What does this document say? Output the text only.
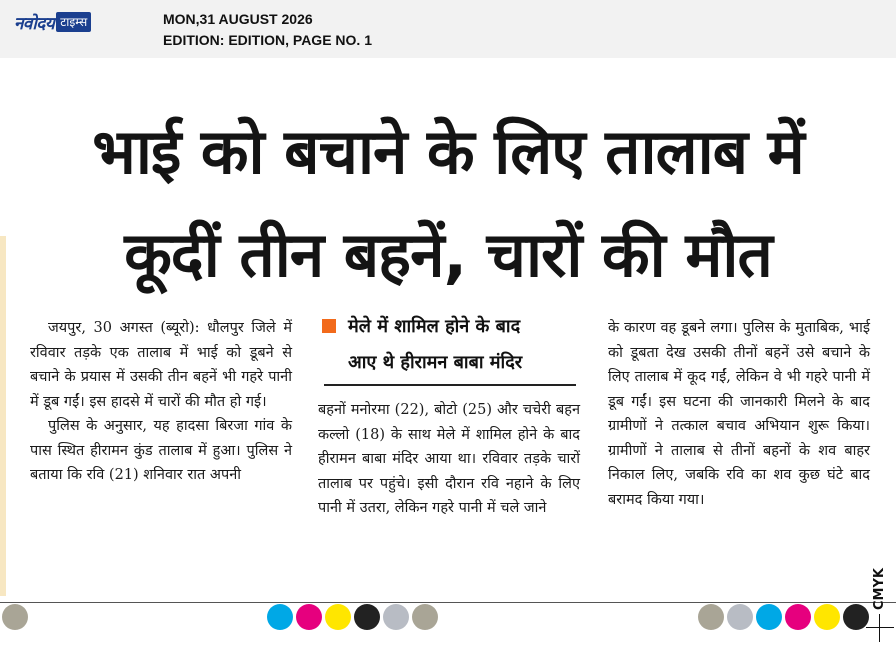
नवोदय टाइम्स	MON,31 AUGUST 2026
EDITION: EDITION, PAGE NO. 1
भाई को बचाने के लिए तालाब में
कूदीं तीन बहनें, चारों की मौत

जयपुर, 30 अगस्त (ब्यूरो): धौलपुर जिले में रविवार तड़के एक तालाब में भाई को डूबने से बचाने के प्रयास में उसकी तीन बहनें भी गहरे पानी में डूब गईं। इस हादसे में चारों की मौत हो गई।

पुलिस के अनुसार, यह हादसा बिरजा गांव के पास स्थित हीरामन कुंड तालाब में हुआ। पुलिस ने बताया कि रवि (21) शनिवार रात अपनी

मेले में शामिल होने के बाद
आए थे हीरामन बाबा मंदिर

बहनों मनोरमा (22), बोटो (25) और चचेरी बहन कल्लो (18) के साथ मेले में शामिल होने के बाद हीरामन बाबा मंदिर आया था। रविवार तड़के चारों तालाब पर पहुंचे। इसी दौरान रवि नहाने के लिए पानी में उतरा, लेकिन गहरे पानी में चले जाने

के कारण वह डूबने लगा। पुलिस के मुताबिक, भाई को डूबता देख उसकी तीनों बहनें उसे बचाने के लिए तालाब में कूद गईं, लेकिन वे भी गहरे पानी में डूब गईं। इस घटना की जानकारी मिलने के बाद ग्रामीणों ने तत्काल बचाव अभियान शुरू किया। ग्रामीणों ने तालाब से तीनों बहनों के शव बाहर निकाल लिए, जबकि रवि का शव कुछ घंटे बाद बरामद किया गया।

CMYK
